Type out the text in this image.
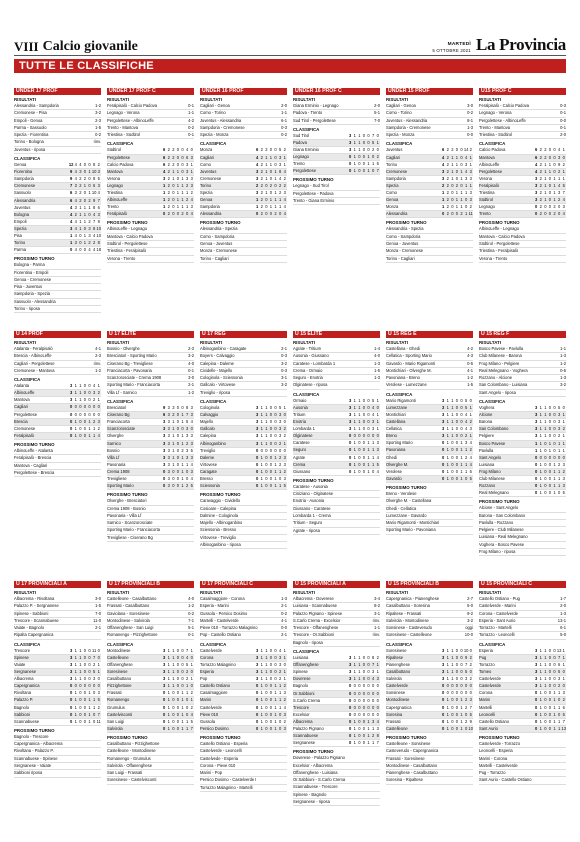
VIII Calcio giovanile	MARTEDÌ
5 OTTOBRE 2021 La Provincia
TUTTE LE CLASSIFICHE
UNDER 17 PROF
RISULTATI
Alessandria - Sampdoria	1-2
Cremonese - Pisa	3-2
Empoli - Genoa	2-3
Parma - Sassuolo	1-5
Spezia - Fiorentina	0-2
Torino - Bologna	rinv.
Juventus - riposa
CLASSIFICA
Genoa	12 4 4 0 0 8 2
Fiorentina	9 4 3 0 1 10 3
Sampdoria	9 4 2 2 0 8 5
Cremonese	7 3 2 1 0 6 3
Sassuolo	6 3 2 0 1 10 4
Alessandria	6 4 2 0 2 9 7
Juventus	4 3 1 1 1 8 6
Bologna	4 2 1 1 0 4 3
Empoli	4 4 1 1 2 7 9
Spezia	3 4 1 0 3 8 10
Pisa	1 4 0 1 3 4 10
Torino	1 3 0 1 2 2 8
Parma	0 4 0 0 4 4 18
PROSSIMO TURNO
Bologna - Parma
Fiorentina - Empoli
Genoa - Cremonese
Pisa - Juventus
Sampdoria - Spezia
Sassuolo - Alessandria
Torino - riposa
UNDER 17 PROF C
RISULTATI
Feralpisalò - Calcio Padova	0-1
Legnago - Verona	1-1
Pergolettese - AlbinoLeffe	4-2
Trento - Mantova	0-2
Triestina - Südtirol	0-1
CLASSIFICA
Südtirol	6 2 2 0 0 4 0
Pergolettese	6 2 2 0 0 6 3
Calcio Padova	6 2 2 0 0 3 1
Mantova	4 2 1 1 0 3 1
Verona	3 2 1 0 1 3 3
Legnago	1 2 0 1 1 2 3
Triestina	1 2 0 1 1 1 2
AlbinoLeffe	1 2 0 1 1 2 4
Trento	1 2 0 1 1 1 3
Feralpisalò	0 2 0 0 2 0 4
PROSSIMO TURNO
AlbinoLeffe - Legnago
Mantova - Calcio Padova
Südtirol - Pergolettese
Triestina - Feralpisalò
Verona - Trento
UNDER 16 PROF
RISULTATI
Cagliari - Genoa	2-0
Como - Torino	1-1
Juventus - Alessandria	6-1
Sampdoria - Cremonese	0-3
Spezia - Monza	0-2
CLASSIFICA
Monza	6 2 2 0 0 5 2
Cagliari	4 2 1 1 0 3 1
Como	4 2 1 1 0 3 1
Juventus	3 2 1 0 1 8 4
Cremonese	3 2 1 0 1 4 2
Torino	2 2 0 2 0 2 2
Spezia	3 2 1 0 1 2 3
Genoa	1 2 0 1 1 1 4
Sampdoria	1 2 0 1 1 1 4
Alessandria	0 2 0 0 2 0 4
PROSSIMO TURNO
Alessandria - Spezia
Como - Sampdoria
Genoa - Juventus
Monza - Cremonese
Torino - Cagliari
UNDER 16 PROF C
RISULTATI
Giana Erminio - Legnago	2-0
Padova - Trento	5-1
Sud Tirol - Pergolettese	7-0
CLASSIFICA
Sud Tirol	3 1 1 0 0 7 0
Padova	3 1 1 0 0 5 1
Giana Erminio	3 1 1 0 0 2 0
Legnago	0 1 0 0 1 0 2
Trento	0 1 0 0 1 1 5
Pergolettese	0 1 0 0 1 0 7
PROSSIMO TURNO
Legnago - Sud Tirol
Pergolettese - Padova
Trento - Giana Erminio
UNDER 15 PROF
RISULTATI
Cagliari - Genoa	3-0
Como - Torino	0-2
Juventus - Alessandria	8-1
Sampdoria - Cremonese	1-3
Spezia - Monza	0-0
CLASSIFICA
Juventus	6 2 2 0 0 14 2
Cagliari	4 2 1 1 0 4 1
Torino	4 2 1 1 0 3 1
Cremonese	3 2 1 0 1 4 3
Sampdoria	3 2 1 0 1 3 3
Spezia	2 2 0 2 0 1 1
Como	1 2 0 1 1 1 3
Genoa	1 2 0 1 1 0 3
Monza	1 2 0 1 1 0 2
Alessandria	0 2 0 0 2 1 11
PROSSIMO TURNO
Alessandria - Spezia
Como - Sampdoria
Genoa - Juventus
Monza - Cremonese
Torino - Cagliari
U15 PROF C
RISULTATI
Feralpisalò - Calcio Padova	0-3
Legnago - Verona	0-1
Pergolettese - AlbinoLeffe	0-0
Trento - Mantova	0-1
Triestina - Südtirol	2-0
CLASSIFICA
Calcio Padova	6 2 2 0 0 4 1
Mantova	6 2 2 0 0 3 0
AlbinoLeffe	4 2 1 1 0 9 2
Pergolettese	4 2 1 1 0 2 1
Verona	3 2 1 0 1 1 1
Feralpisalò	3 2 1 0 1 4 5
Triestina	3 2 1 0 1 3 7
Südtirol	3 2 1 0 1 2 4
Legnago	0 2 0 0 2 0 3
Trento	0 2 0 0 2 0 4
PROSSIMO TURNO
AlbinoLeffe - Legnago
Mantova - Calcio Padova
Südtirol - Pergolettese
Triestina - Feralpisalò
Verona - Trento
U 14 PROF
RISULTATI
Atalanta - Feralpisalò	4-1
Brescia - AlbinoLeffe	2-3
Cagliari - Pergolettese	rinv.
Cremonese - Mantova	1-2
CLASSIFICA
Atalanta	3 1 1 0 0 4 1
AlbinoLeffe	3 1 1 0 0 3 2
Mantova	3 1 1 0 0 2 1
Cagliari	0 0 0 0 0 0 0
Pergolettese	0 0 0 0 0 0 0
Brescia	0 1 0 0 1 2 3
Cremonese	0 1 0 0 1 1 2
Feralpisalò	0 1 0 0 1 1 4
PROSSIMO TURNO
AlbinoLeffe - Atalanta
Feralpisalò - Brescia
Mantova - Cagliari
Pergolettese - Brescia
U 17 ELITE
RISULTATI
Bosnio - Olverghe	2-3
Bresciatori - Sporting Mario	3-2
Ciserano Bg - Trevigliese	4-0
Franciacorta - Pavonaria	0-1
Scanzorosciate - Crema 1908	3-0
Sporting Mario - Franciacorta	2-1
Villa Lf - Sarnico	1-2
CLASSIFICA
Bresciatori	9 3 3 0 0 8 3
Ciserano Bg	6 3 2 0 1 7 3
Franciacorta	3 3 1 0 1 5 4
Scanzorosciate	3 3 1 0 0 3 0
Olverghe	3 3 1 0 1 3 3
Sarnico	3 3 1 0 1 2 3
Bosnio	3 3 1 0 2 3 5
Villa Lf	3 3 1 0 1 3 3
Pavonaria	3 3 1 0 1 1 4
Crema 1908	0 3 0 0 1 0 3
Trevigliese	0 3 0 0 1 0 4
Sporting Mario	0 3 0 0 1 2 5
PROSSIMO TURNO
Olverghe - Bresciatori
Crema 1908 - Bosnio
Pavonaria - Villa Lf
Sarnico - Scanzorosciate
Sporting Mario - Franciacorta
Trevigliese - Ciserano Bg
U 17 REG
RISULTATI
Albinoganbino - Caragate	2-1
Boyers - Calvaggio	0-3
Calepina - Daleme	3-2
Cividelle - Majello	0-3
Cologinola - Sciessonia	3-1
Gallcalo - Virtovese	3-2
Treviglio - riposa
CLASSIFICA
Cologinola	3 1 1 0 0 5 1
Calvaggio	3 1 1 0 0 3 0
Majello	3 1 1 0 0 3 0
Gallcalo	3 1 1 0 0 3 2
Calepina	3 1 1 0 0 3 2
Albinoganbino	3 1 1 0 0 2 1
Treviglio	0 0 0 0 0 0 0
Daleme	0 1 0 0 1 2 3
Virtovese	0 1 0 0 1 2 3
Caragate	0 1 0 0 1 1 2
Bresso	0 1 0 0 1 0 3
Sciessonia	0 1 0 0 1 1 5
PROSSIMO TURNO
Caravaggio - Cividello
Cosioare - Calepina
Dalmine - Cologinola
Majello - Albinoganbino
Sciessonia - Bresso
Virtovese - Treviglio
Albinoganbino - riposa
U 15 ELITE
RISULTATI
Agrate - Tritium	1-4
Ausonia - Giussano	4-0
Caratese - Lombarda 1	1-3
Crema - Ormaio	1-5
Seguro - Enotria	1-3
Olginatese - riposa
CLASSIFICA
Ormaio	3 1 1 0 0 5 1
Ausonia	3 1 1 0 0 4 0
Tritium	3 1 1 0 0 4 1
Enotria	3 1 1 0 0 3 1
Lombarda 1	3 1 1 0 0 3 1
Olginatese	0 0 0 0 0 0 0
Caratese	0 1 0 0 1 1 3
Seguro	0 1 0 0 1 1 3
Agrate	0 1 0 0 1 1 4
Crema	0 1 0 0 1 1 5
Giussano	0 1 0 0 1 0 4
PROSSIMO TURNO
Caratese - Ausonia
Ciniziano - Olginatese
Enotria - Ausonia
Giussano - Caratese
Lombarda 1 - Crema
Tritium - Seguro
Agrate - riposa
U 15 REG E
RISULTATI
Castellana - Ghedi	4-2
Cellatica - Sporting Mario	4-3
Gavardo - Mario Rigamonti	0-5
Montichiari - Olverghe M.	4-1
Pavoniana - Breno	1-2
Verolese - Lumezzane	1-5
CLASSIFICA
Mario Rigamonti	3 1 1 0 0 5 0
Lumezzane	3 1 1 0 0 5 1
Montichiari	3 1 1 0 0 4 1
Castellana	3 1 1 0 0 4 2
Cellatica	3 1 1 0 0 4 3
Breno	3 1 1 0 0 2 1
Sporting Mario	0 1 0 0 1 3 4
Pavoniana	0 1 0 0 1 1 2
Ghedi	0 1 0 0 1 2 4
Olverghe M.	0 1 0 0 1 1 4
Verolese	0 1 0 0 1 1 5
Gavardo	0 1 0 0 1 0 5
PROSSIMO TURNO
Breno - Verolese
Olverghe M. - Castellana
Ghedi - Cellatica
Lumezzane - Gavardo
Mario Rigamonti - Montichiari
Sporting Mario - Pavoniana
U 15 REG F
RISULTATI
Bosco Pavese - Pavlulla	1-1
Club Milanese - Barona	1-3
Frog Milano - Pelgiere	1-2
Real Melegnano - Voghera	0-5
Rozzano - Alcione	1-3
San Colombano - Luisiana	3-2
Sant Angelo - riposa
CLASSIFICA
Voghera	3 1 1 0 0 5 0
Alcione	3 1 1 0 0 3 1
Barona	3 1 1 0 0 3 1
San Colombano	3 1 1 0 0 3 2
Pelgiere	3 1 1 0 0 2 1
Bosco Pavese	1 1 0 1 0 1 1
Pavlulla	1 1 0 1 0 1 1
Sant Angelo	0 0 0 0 0 0 0
Luisiana	0 1 0 0 1 2 3
Frog Milano	0 1 0 0 1 1 2
Club Milanese	0 1 0 0 1 1 3
Rozzano	0 1 0 0 1 1 3
Real Melegnano	0 1 0 0 1 0 5
PROSSIMO TURNO
Alcione - Sant Angelo
Barona - San Colombano
Pavlulla - Rozzano
Pelgiere - Club Milanese
Luisiana - Real Melegnano
Voghera - Bosco Pavese
Frog Milano - riposa
U 17 PROVINCIALI A
RISULTATI
Albacrema - Rivoltana	3-0
Palazzo P. - Sergnanese	1-5
Spinese - Sabbioni	7-0
Trescore - Scannabuese	11-0
Vaiate - Bagnolo	2-1
Ripalta Capergnanica
CLASSIFICA
Trescore	3 1 1 0 0 11 0
Spinese	3 1 1 0 0 7 0
Vaiate	3 1 1 0 0 2 1
Sergnanese	3 1 1 0 0 5 1
Albacrema	3 1 1 0 0 3 0
Capergnanica	0 0 0 0 0 0 0
Rivoltana	0 1 0 0 1 0 3
Palazzo P.	0 1 0 0 1 1 5
Bagnolo	0 1 0 0 1 1 2
Sabbioni	0 1 0 0 1 0 7
Scannabuese	0 1 0 0 1 0 11
PROSSIMO TURNO
Bagnolo - Trescore
Capergnanica - Albacrema
Rivoltana - Palazzo P.
Scannabuese - Spinese
Sergnanese - Vaiate
Sabbioni riposa
U 17 PROVINCIALI B
RISULTATI
Castelleone - Casalbuttano	4-0
Frassati - Casalbuttano	1-2
Gaviolana - Soresinese	0-2
Montodinese - Salvirola	7-1
Offanenghese - San Luigi	5-1
Romanengo - Pizzighettone	0-1
CLASSIFICA
Montodinese	3 1 1 0 0 7 1
Castelleone	3 1 1 0 0 4 0
Offanenghese	3 1 1 0 0 5 1
Soresinese	3 1 1 0 0 2 0
Casalbuttano	3 1 1 0 0 2 1
Pizzighettone	3 1 1 0 0 1 0
Frassati	0 1 0 0 1 1 2
Romanengo	0 1 0 0 1 0 1
Grumulus	0 1 0 0 1 0 2
Castelvisconti	0 1 0 0 1 0 4
San Luigi	0 1 0 0 1 1 5
Salvirola	0 1 0 0 1 1 7
PROSSIMO TURNO
Casalbuttano - Pizzighettone
Castelleone - Montodinese
Romanengo - Grumulus
Salvirola - Offanenghese
San Luigi - Frassati
Soresinese - Castelvisconti
U 17 PROVINCIALI C
RISULTATI
Casalmaggiore - Corona	1-3
Esperia - Marini	2-1
Gussola - Persico Dosimo	0-2
Martelli - Castelverde	4-1
Pieve 010 - Torrazzo Malagnino	0-0
Pop - Castello Ostiano	2-1
CLASSIFICA
Castelverde	3 1 1 0 0 4 1
Corona	3 1 1 0 0 3 1
Torrazzo Malagnino	3 1 1 0 0 3 0
Esperia	3 1 1 0 0 2 1
Pop	3 1 1 0 0 2 1
Castello Ostiano	0 1 0 0 1 1 2
Casalmaggiore	0 1 0 0 1 1 3
Marini	0 1 0 0 1 1 2
Castelverde	0 1 0 0 1 1 4
Pieve 010	0 1 0 0 1 0 3
Gussola	0 1 0 0 1 0 2
Persico Dosimo	0 1 0 0 1 0 3
PROSSIMO TURNO
Castello Ostiano - Esperia
Castelverde - Leoncelli
Castelvede - Esperia
Corona - Pieve 010
Marini - Pop
Persico Dosimo - Castelverde I
Torrazzo Malagnino - Martelli
U 15 PROVINCIALI A
RISULTATI
Albacrema - Doverese	3-4
Luisiana - Scannabuese	8-2
Palazzo Pignano - Spinese	3-1
S.Carlo Crema - Excelsior	rinv.
Trescore - Offanenghese	1-1
Trescore - Or.Sabbioni	rinv.
Bagnolo - riposa
CLASSIFICA
Luisiana	3 1 1 0 0 8 2
Offanenghese	3 1 1 0 0 7 1
Spinese	3 1 1 0 0 3 1
Doverese	3 1 1 0 0 4 3
Bagnolo	0 0 0 0 0 0 0
Or.Sabbioni	0 0 0 0 0 0 0
S.Carlo Crema	0 0 0 0 0 0 0
Trescore	0 0 0 0 0 0 0
Excelsior	0 0 0 0 0 0 0
Albacrema	0 1 0 0 1 3 4
Palazzo Pignano	0 1 0 0 1 1 3
Scannabuese	0 1 0 0 1 2 8
Sergnanese	0 1 0 0 1 1 7
PROSSIMO TURNO
Doverese - Palazzo Pignano
Excelsior - Albacrema
Offanenghese - Luisiana
Or.Sabbioni - S.Carlo Crema
Scannabuese - Trescore
Spinese - Bagnolo
Sergnanese - riposa
U 15 PROVINCIALI B
RISULTATI
Capergnanica - Pianenghese	2-7
Casalbuttano - Soresina	5-0
Ripaltese - Frassati	9-2
Salvirola - Montodinese	3-2
Sonsinese - Casteverudo	oggi
Soresinese - Castelleone	10-0
CLASSIFICA
Soresinese	3 1 1 0 0 10 0
Ripaltese	3 1 1 0 0 9 2
Pianenghese	3 1 1 0 0 7 2
Casalbuttano	3 1 1 0 0 5 0
Salvirola	3 1 1 0 0 3 2
Castelverde	0 0 0 0 0 0 0
Sonsinese	0 0 0 0 0 0 0
Montodinese	0 1 0 0 1 2 3
Capergnanica	0 1 0 0 1 2 7
Soresina	0 1 0 0 1 0 5
Frassati	0 1 0 0 1 2 9
Castelleone	0 1 0 0 1 0 10
PROSSIMO TURNO
Castelleone - Sonsinese
Casteverudo - Capergnanica
Frassati - Soresinese
Montodinese - Casalbuttano
Pianenghese - Casalbuttano
Soresina - Ripaltese
U 15 PROVINCIALI C
RISULTATI
Castello Ostiano - Pug	1-7
Castelverde - Marini	2-0
Corona - Castelverde	1-3
Esperia - Sant Aurio	13-1
Torrazzo - Martelli	6-1
Torrazzo - Leoncelli	5-0
CLASSIFICA
Esperia	3 1 1 0 0 13 1
Pug	3 1 1 0 0 7 1
Torrazzo	3 1 1 0 0 6 1
Tomeo	3 1 1 0 0 5 0
Castelverde	3 1 1 0 0 3 1
Castelverde	3 1 1 0 0 2 0
Corona	0 1 0 0 1 1 3
Marini	0 1 0 0 1 0 2
Martelli	0 1 0 0 1 1 6
Leoncelli	0 1 0 0 1 0 5
Castello Ostiano	0 1 0 0 1 1 7
Sant Aurio	0 1 0 0 1 1 13
PROSSIMO TURNO
Castelverde - Torrazzo
Leoncelli - Esperia
Marini - Corona
Martelli - Castelverde
Pug - Torrazzo
Sant Aurio - Castello Ostiano
